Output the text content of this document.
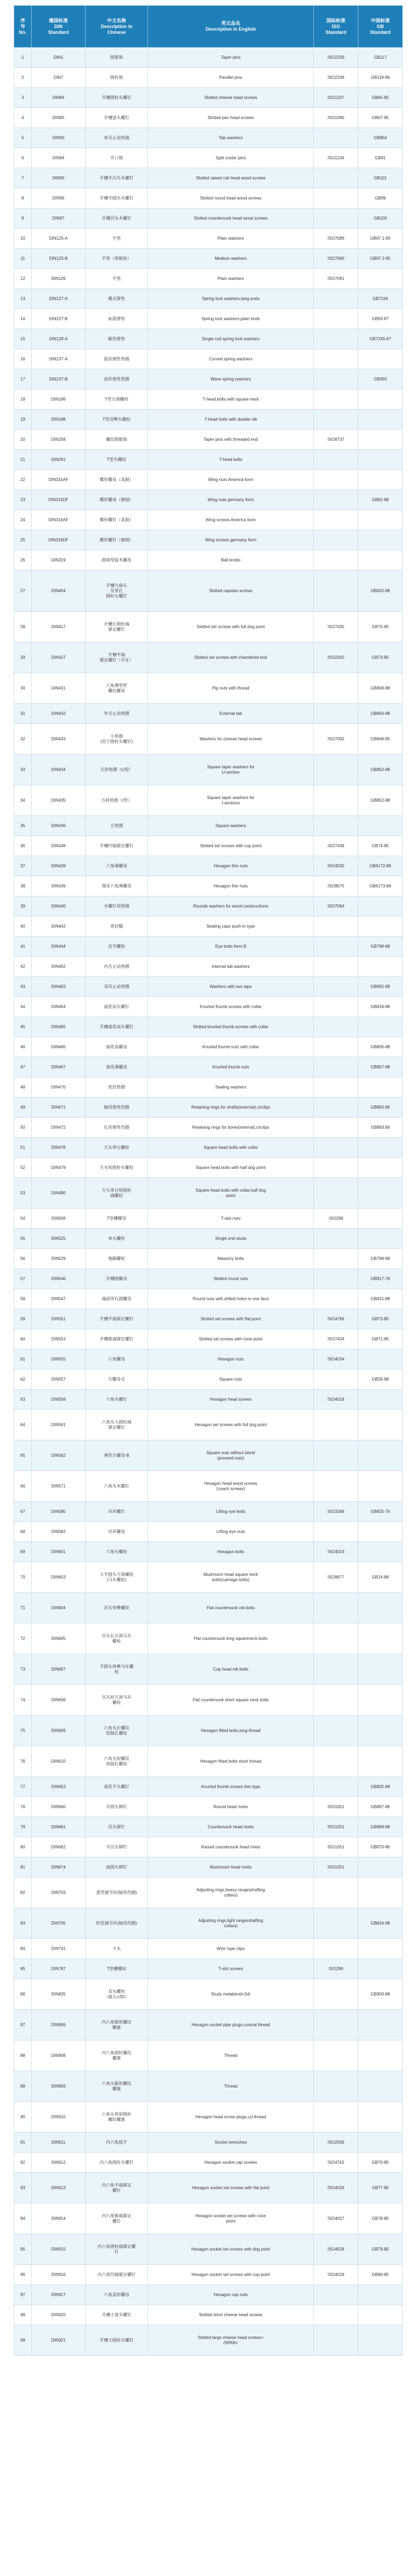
序
号
No.	德国标准
DIN
Standard	中文名称
Description in
Chinese	英文品名
Description in English	国际标准
ISO
Standard	中国标准
GB
Standard

1	DIN1	圆锥销	Taper pins	ISO2339	GB117
2	DIN7	圆柱销	Parallel pins	ISO2338	GB119-86
3	DIN84	开槽圆柱头螺钉	Slotted cheese head screws	ISO1207	GB65-85
4	DIN85	开槽盘头螺钉	Slotted pan head screws	ISO1580	GB67-85
5	DIN93	单耳止动垫圈	Tab washers		GB854
6	DIN94	开口销	Split cooter pins	ISO1234	GB91
7	DIN95	开槽半沉头木螺钉	Slotted raised csk head wood screws		GB101
8	DIN96	开槽半圆头木螺钉	Slotted round head wood screws		GB99
9	DIN97	开槽沉头木螺钉	Slotted countersunk head wood screws		GB100
10	DIN125-A	平垫	Plain washers	ISO7089	GB97.1-85
11	DIN125-B	平垫（带倒角）	Medium washers	ISO7090	GB97.2-85
12	DIN126	平垫	Plain washers	ISO7091	
13	DIN127-A	翘式弹垫	Spring lock washers,tang ends		GB7244
14	DIN127-B	标准弹垫	Spring lock washers,plain ends		GB93-87
15	DIN128-A	鞍形弹垫	Single coil spring lock washers		GB7245-87
16	DIN137-A	弧形弹性垫圈	Curved spring washers		

17	DIN137-B	波形弹性垫圈	Wave spring washers		GB955
18	DIN186	T型方颈螺栓	T-head bolts with square neck		

19	DIN188	T型双榫头螺栓	T-head bolts with double nib		

20	DIN258	螺纹圆锥销	Taper pins with threaded end	ISO8737	
21	DIN261	T型头螺栓	T-head bolts		

22	DIN315AF	蝶形螺母（美制）	Wing nuts America form		

23	DIN315DF	蝶形螺母（德制）	Wing nuts germany form		GB62-88
24	DIN316AF	蝶形螺钉（美制）	Wing screws America form		

25	DIN316DF	蝶形螺钉（德制）	Wing screws germany form		

26	DIN319	圆球型胶木螺母	Ball knobs		

27	DIN404	开槽大扁头
及带孔
圆柱头螺钉	Slotted capstan screws		GB832-88
28	DIN417	开槽长圆柱端
紧定螺钉	Slotted set screws with full dog point	ISO7435	GB75-85
29	DIN427	开槽平端
紧定螺钉（半牙）	Slotted set screws with chamfered end	ISO2342	GB73-85
30	DIN431	六角薄型管
螺纹螺母	Pip nuts with thread		GB808-88
31	DIN432	外舌止动垫圈	External tab		GB856-88
32	DIN433	小垫圈
(用于圆柱头螺钉)	Washers for cheese head screws	ISO7092	GB848-85
33	DIN434	方斜垫圈（U型）	Square taper washers for
U-section		GB852-88
34	DIN435	方斜垫圈（I型）	Square taper washers for
I-sections		GB852-88
35	DIN436	方垫圈	Square washers		

36	DIN438	开槽凹端紧定螺钉	Slotted set screws with cup point	ISO7436	GB74-85
37	DIN439	六角薄螺母	Hexagon thin nuts	ISO4035	GB6172-86
38	DIN439	细牙六角薄螺母	Hexagon thin nuts	ISO8675	GB6173-86
39	DIN440	木螺钉用垫圈	Rounds washers for wood constructions	ISO7094	
40	DIN443	密封帽	Sealing caps push-in type		

41	DIN444	活节螺栓	Eye bolts form B		GB798-88
42	DIN462	内舌止动垫圈	Internal tab washers		

43	DIN463	双耳止动垫圈	Washers with two taps		GB855-88
44	DIN464	滚花高头螺钉	Knurled thumb screws with collar		GB834-88
45	DIN465	开槽滚花高头螺钉	Slotted knurled thumb screws with collar		

46	DIN466	滚花高螺母	Knurled thumb nuts with collar		GB806-88
47	DIN467	滚花薄螺母	Knurled thumb nuts		GB807-88
48	DIN470	密封垫圈	Sealing washers		

49	DIN471	轴用弹性挡圈	Retaining rings for shafts(external),circlips		GB893-86
50	DIN472	孔用弹性挡圈	Retaining rings for bores(internal),circlips		GB893.86
51	DIN478	方头带台螺栓	Square head bolts with collar		

52	DIN479	方头短圆柱头螺栓	Square head bolts with half dog point		

53	DIN480	方头带台短圆柱
端螺栓	Square head bolts with collar,half dog
point		

54	DIN508	T型槽螺母	T-slot nuts	ISO299	
55	DIN525	单头螺柱	Single end studs		

56	DIN529	地脚螺栓	Masonry bolts		GB799-88
57	DIN546	开槽圆螺母	Slotted round nuts		GB817-76
58	DIN547	端面带孔圆螺母	Round nuts with drilled holes in one face		GB815-88
59	DIN551	开槽平端紧定螺钉	Slotted set screws with flat point	ISO4766	GB73-85
60	DIN553	开槽锥端紧定螺钉	Slotted set screws with cone point	ISO7434	GB71-85
61	DIN555	六角螺母	Hexagon nuts	ISO4034	
62	DIN557	方螺母-C	Square nuts		GB39-88
63	DIN558	六角头螺钉	Hexagon head screws	ISO4018	
64	DIN561	六角头大圆柱端
紧定螺钉	Hexagon set screws with full dog point		

65	DIN562	薄型方螺母-B	Square nuts without bevel
(pressed nuts)		

66	DIN571	六角头木螺钉	Hexagon head wood screws
(coach screws)		

67	DIN580	吊环螺钉	Lifting eye bolts	ISO3266	GB825-76
68	DIN582	吊环螺母	Lifting eye nuts		

69	DIN601	六角头螺栓	Hexagon bolts	ISO4016	
70	DIN603	大半圆头方颈螺栓
(马车螺栓)	Mushroom head square neck
bolts(carriage bolts)	ISO8677	GB14-88
71	DIN604	沉头带榫螺栓	Flat countersunk nib bolts		

72	DIN605	沉头长方颈马车
螺栓	Flat countersunk long squareneck bolts		

73	DIN607	半圆头带榫马车螺
栓	Cup head nib bolts		

74	DIN608	沉头短方颈马车
螺栓	Flat countersunk short square neck bolts		

75	DIN609	六角头长螺纹
铰制孔螺栓	Hexagon fitted bolts,long thread		

76	DIN610	六角头短螺纹
铰制孔螺栓	Hexagon fitted bolts short thread		

77	DIN653	滚花平头螺钉	Knurled thumb screws thin type		GB835-88
78	DIN660	半圆头铆钉	Round head rivets	ISO1051	GB867-86
79	DIN661	沉头铆钉	Countersunk head rivets	ISO1051	GB869-86
80	DIN662	半沉头铆钉	Raised countersunk head rivets	ISO1051	GB870-86
81	DIN674	扁圆头铆钉	Mushroom head rivets	ISO1051	
82	DIN703	重型调节环(轴用挡圈)	Adjusting rings,heavy range(shafting
collars)		

83	DIN705	轻型调节环(轴用挡圈)	Adjusting rings,light range(shafting
collars)		GB816-88
84	DIN741	卡头	Wire rope clips		

85	DIN787	T型槽螺栓	T-slot screws	ISO299	
86	DIN835	双头螺柱
（旋入=2D）	Studs metal(end=2d)		GB900-88
87	DIN906	内六角锥形螺纹
螺塞	Hexagon socket pipe plugs,conical thread		

88	DIN908	内六角圆柱螺纹
螺塞	Thread		

89	DIN909	六角头锥形螺纹
螺塞	Thread		

90	DIN910	六角头带肩圆柱
螺纹螺塞	Hexagon head screw plugs,cyl.thread		

91	DIN911	内六角扳手	Socket wrenches	ISO2936	
92	DIN912	内六角圆柱头螺钉	Hexagon socket cap screws	ISO4762	GB70-85
93	DIN913	内六角平端紧定
螺钉	Hexagon socket set screws with flat point	ISO4026	GB77-85
94	DIN914	内六角锥端紧定
螺钉	Hexagon socket set screws with cone
point	ISO4027	GB78-85
95	DIN915	内六角圆柱端紧定螺
钉	Hexagon socket set screws with dog point	ISO4028	GB79-85
96	DIN916	内六角凹端紧定螺钉	Hexagon socket set screws with cup point	ISO4029	GB80-85
97	DIN917	六角盖形螺母	Hexagon cap nuts		

98	DIN920	开槽小盘头螺钉	Slotted short cheese head screws		

99	DIN921	开槽大圆柱头螺钉	Slotted large cheese head screws<
/SPAN>		
